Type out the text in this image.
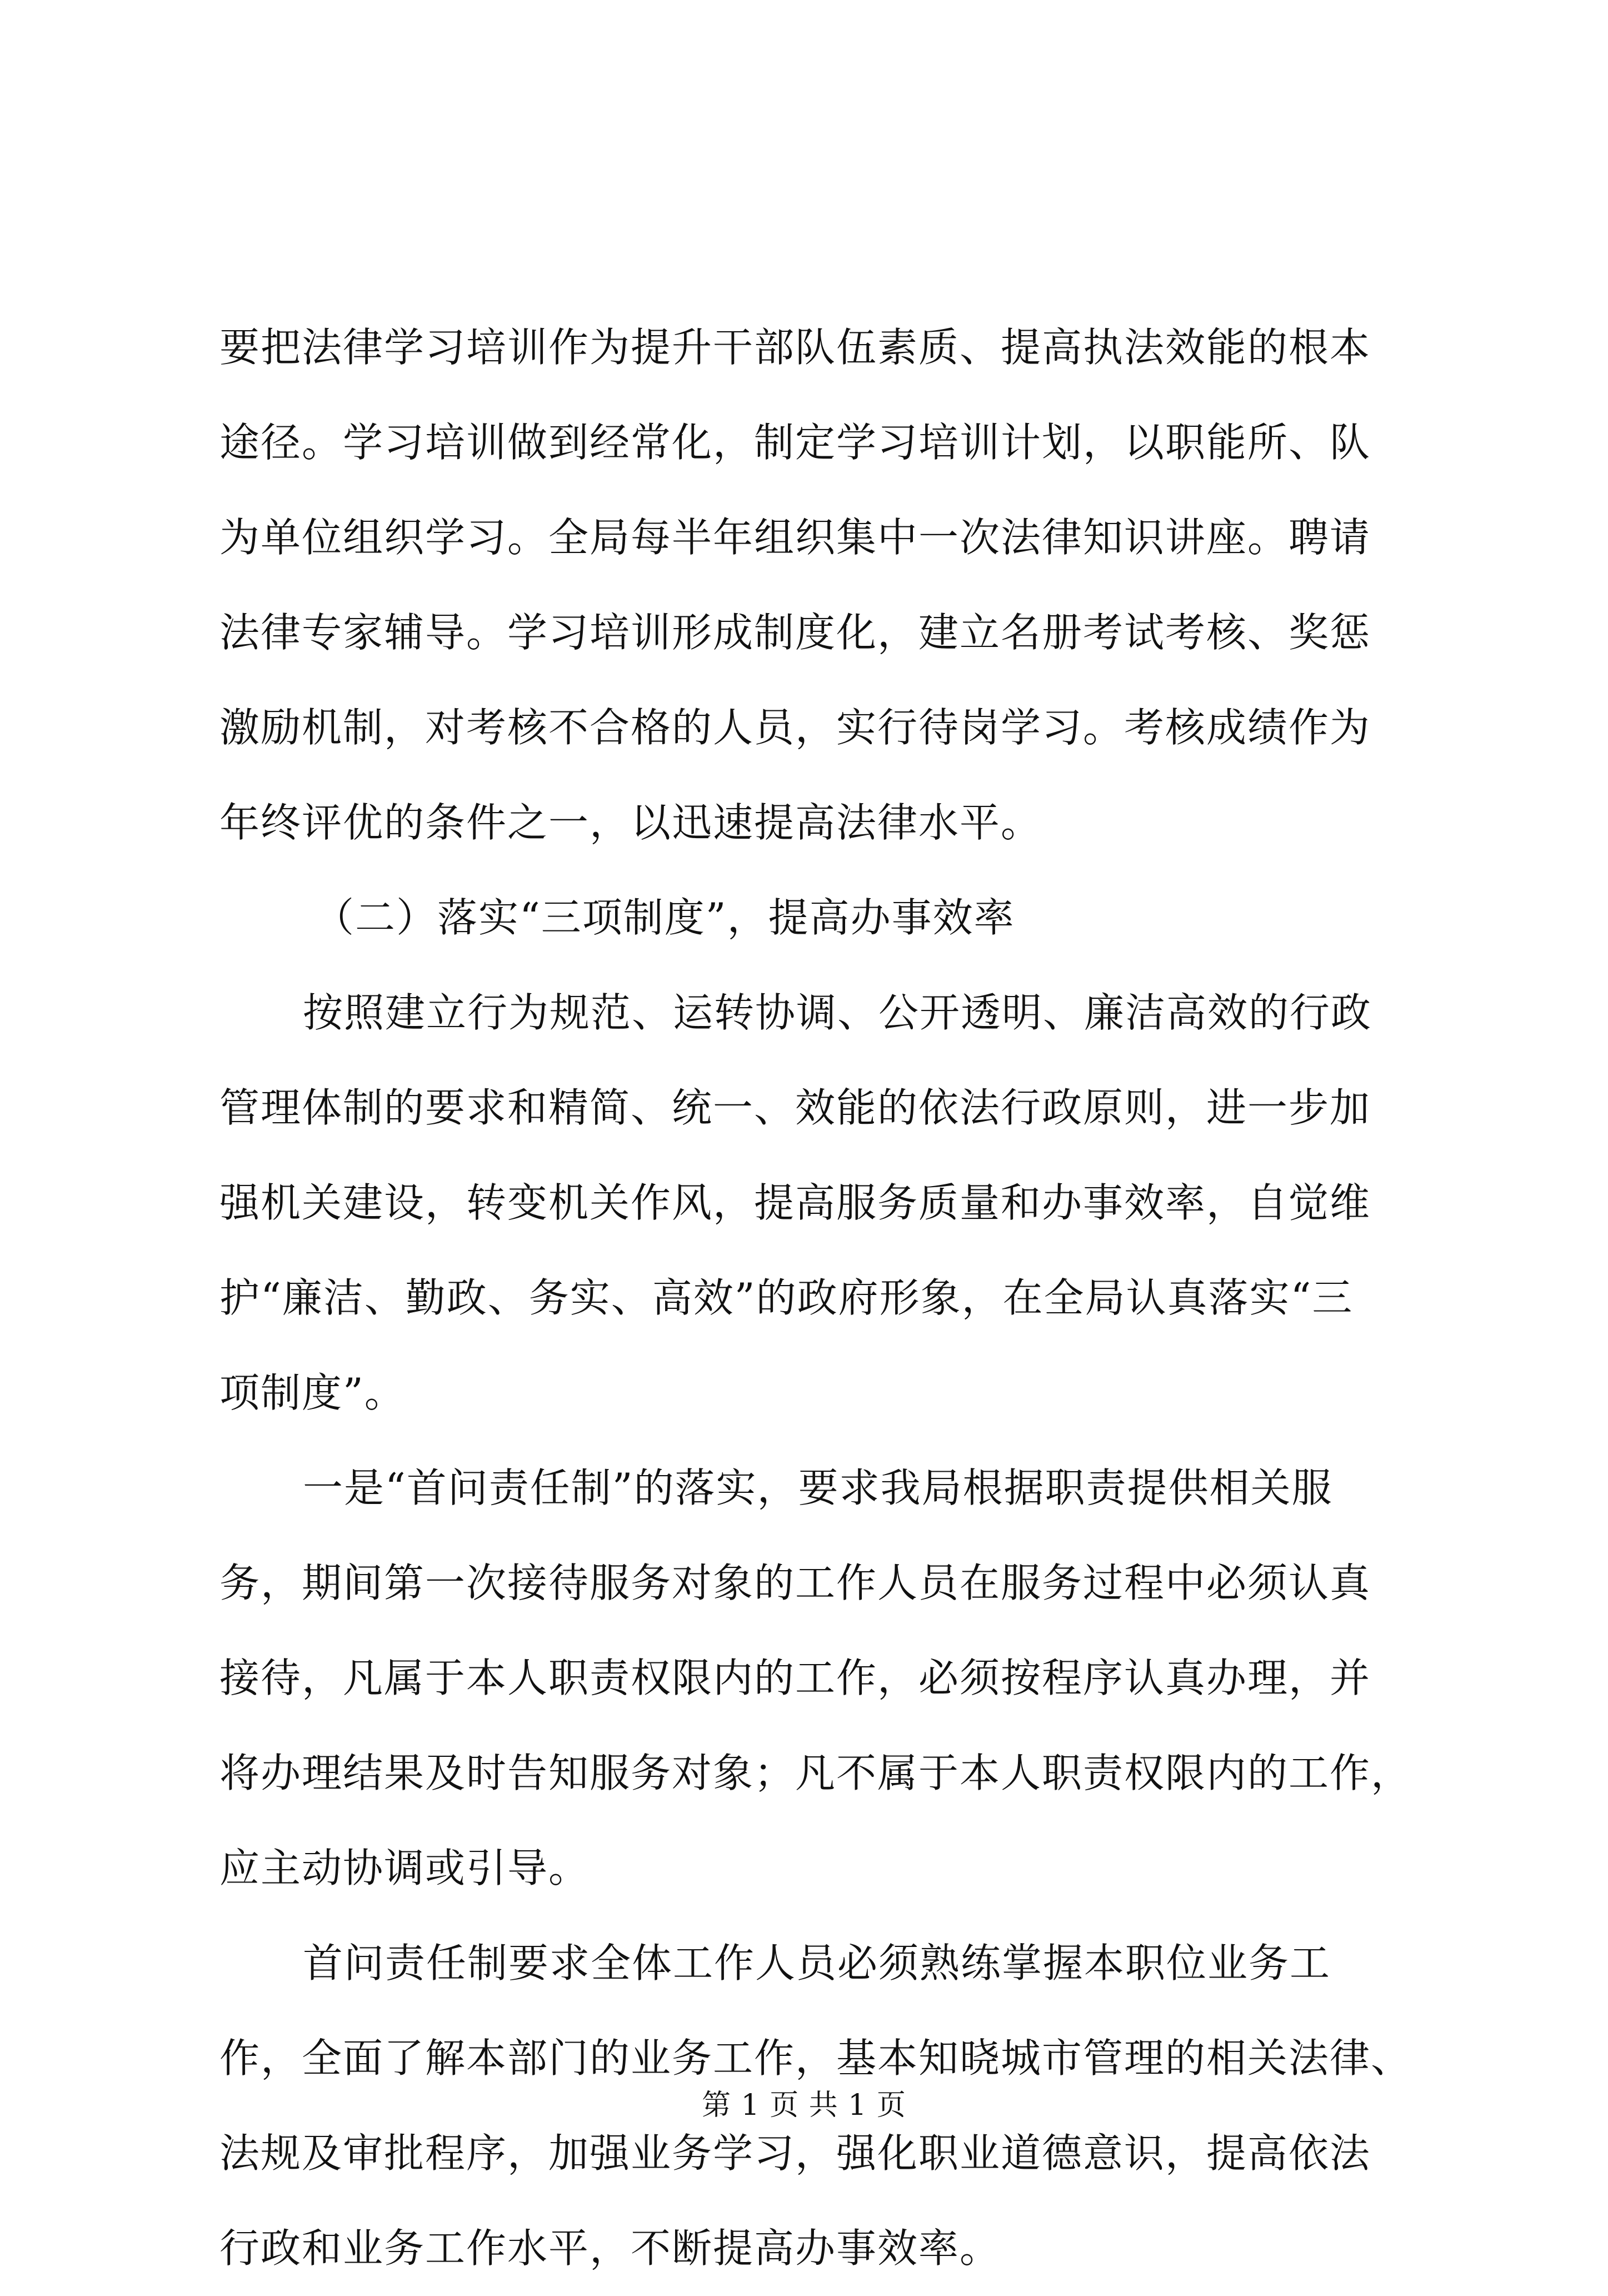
要把法律学习培训作为提升干部队伍素质、提高执法效能的根本
途径。学习培训做到经常化，制定学习培训计划，以职能所、队
为单位组织学习。全局每半年组织集中一次法律知识讲座。聘请
法律专家辅导。学习培训形成制度化，建立名册考试考核、奖惩
激励机制，对考核不合格的人员，实行待岗学习。考核成绩作为
年终评优的条件之一，以迅速提高法律水平。
（二）落实“三项制度”，提高办事效率
按照建立行为规范、运转协调、公开透明、廉洁高效的行政
管理体制的要求和精简、统一、效能的依法行政原则，进一步加
强机关建设，转变机关作风，提高服务质量和办事效率，自觉维
护“廉洁、勤政、务实、高效”的政府形象，在全局认真落实“三
项制度”。
一是“首问责任制”的落实，要求我局根据职责提供相关服
务，期间第一次接待服务对象的工作人员在服务过程中必须认真
接待，凡属于本人职责权限内的工作，必须按程序认真办理，并
将办理结果及时告知服务对象；凡不属于本人职责权限内的工作，
应主动协调或引导。
首问责任制要求全体工作人员必须熟练掌握本职位业务工
作，全面了解本部门的业务工作，基本知晓城市管理的相关法律、
法规及审批程序，加强业务学习，强化职业道德意识，提高依法
行政和业务工作水平，不断提高办事效率。
第 1 页 共 1 页
